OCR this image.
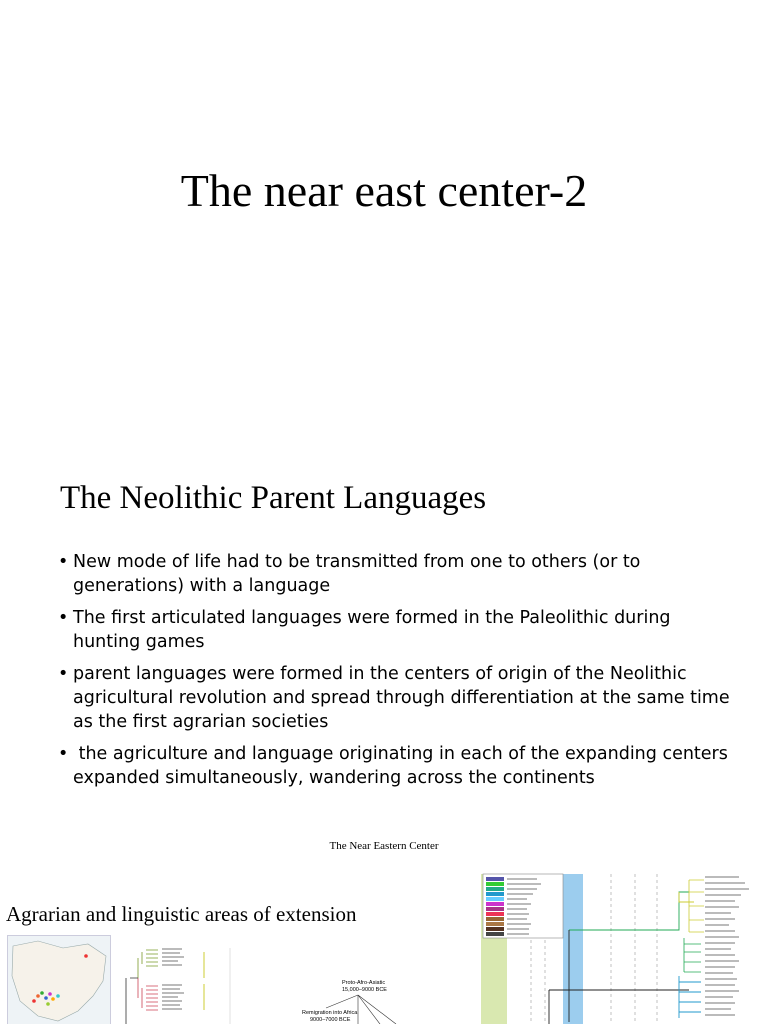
The near east center-2
The Neolithic Parent Languages
• New mode of life had to be transmitted from one to others (or to generations) with a language
• The first articulated languages were formed in the Paleolithic during hunting games
• parent languages were formed in the centers of origin of the Neolithic agricultural revolution and spread through differentiation at the same time as the first agrarian societies
• the agriculture and language originating in each of the expanding centers expanded simultaneously, wandering across the continents
The Near Eastern Center
Agrarian and linguistic areas of extension
Proto-Afro-Asiatic
15,000–9000 BCE
Remigration into Africa
9000–7000 BCE
